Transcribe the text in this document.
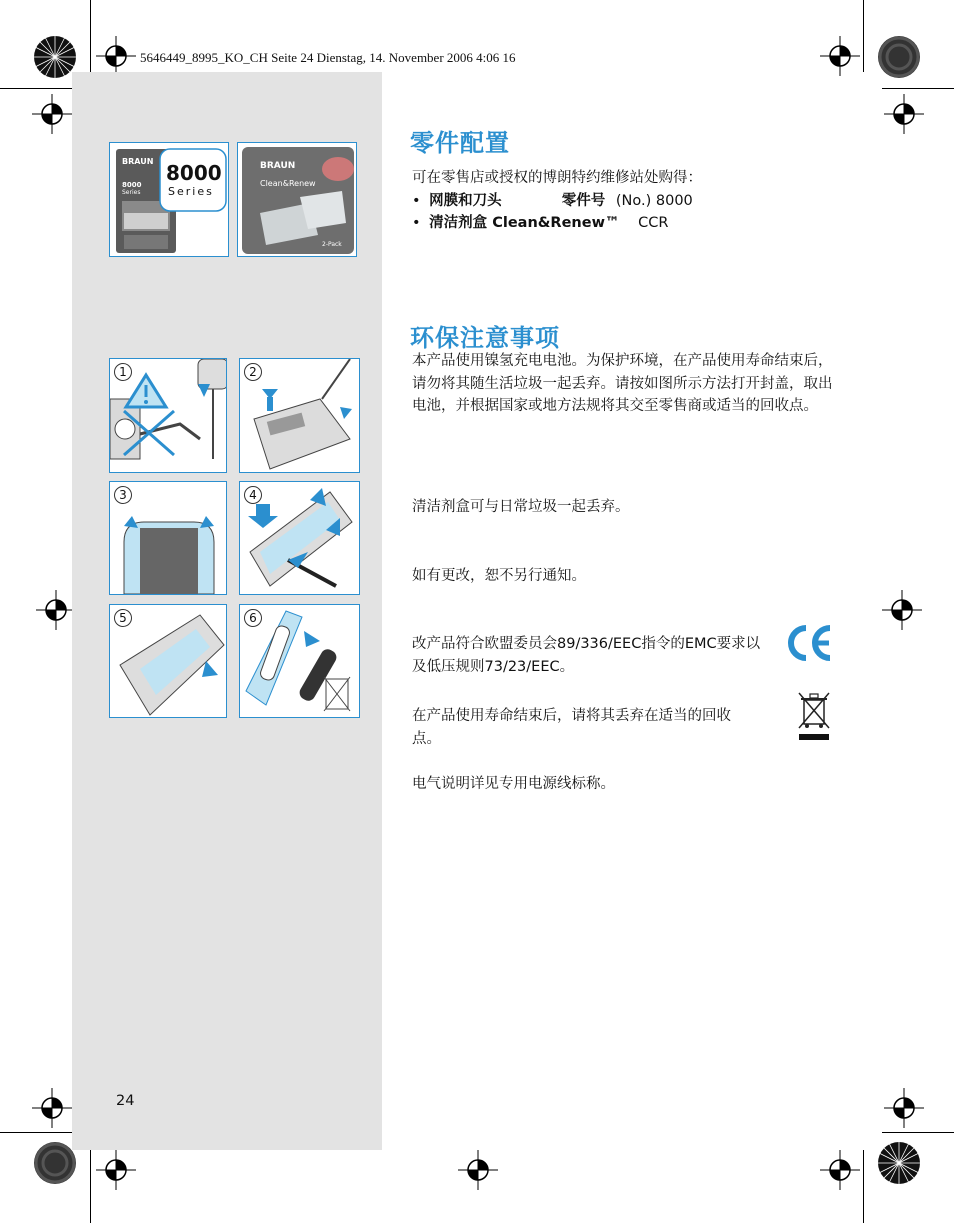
5646449_8995_KO_CH Seite 24 Dienstag, 14. November 2006 4:06 16
BRAUN 8000
Series
8000
Series
BRAUN
Clean&Renew
2-Pack
零件配置
可在零售店或授权的博朗特约维修站处购得：
• 网膜和刀头	零件号 (No.) 8000
• 清洁剂盒 Clean&Renew™ CCR
环保注意事项
本产品使用镍氢充电电池。为保护环境，在产品使用寿命结束后，请勿将其随生活垃圾一起丢弃。请按如图所示方法打开封盖，取出电池，并根据国家或地方法规将其交至零售商或适当的回收点。
清洁剂盒可与日常垃圾一起丢弃。
如有更改，恕不另行通知。
改产品符合欧盟委员会89/336/EEC指令的EMC要求以及低压规则73/23/EEC。
在产品使用寿命结束后，请将其丢弃在适当的回收点。
电气说明详见专用电源线标称。
1	2
3	4
5	6
24
